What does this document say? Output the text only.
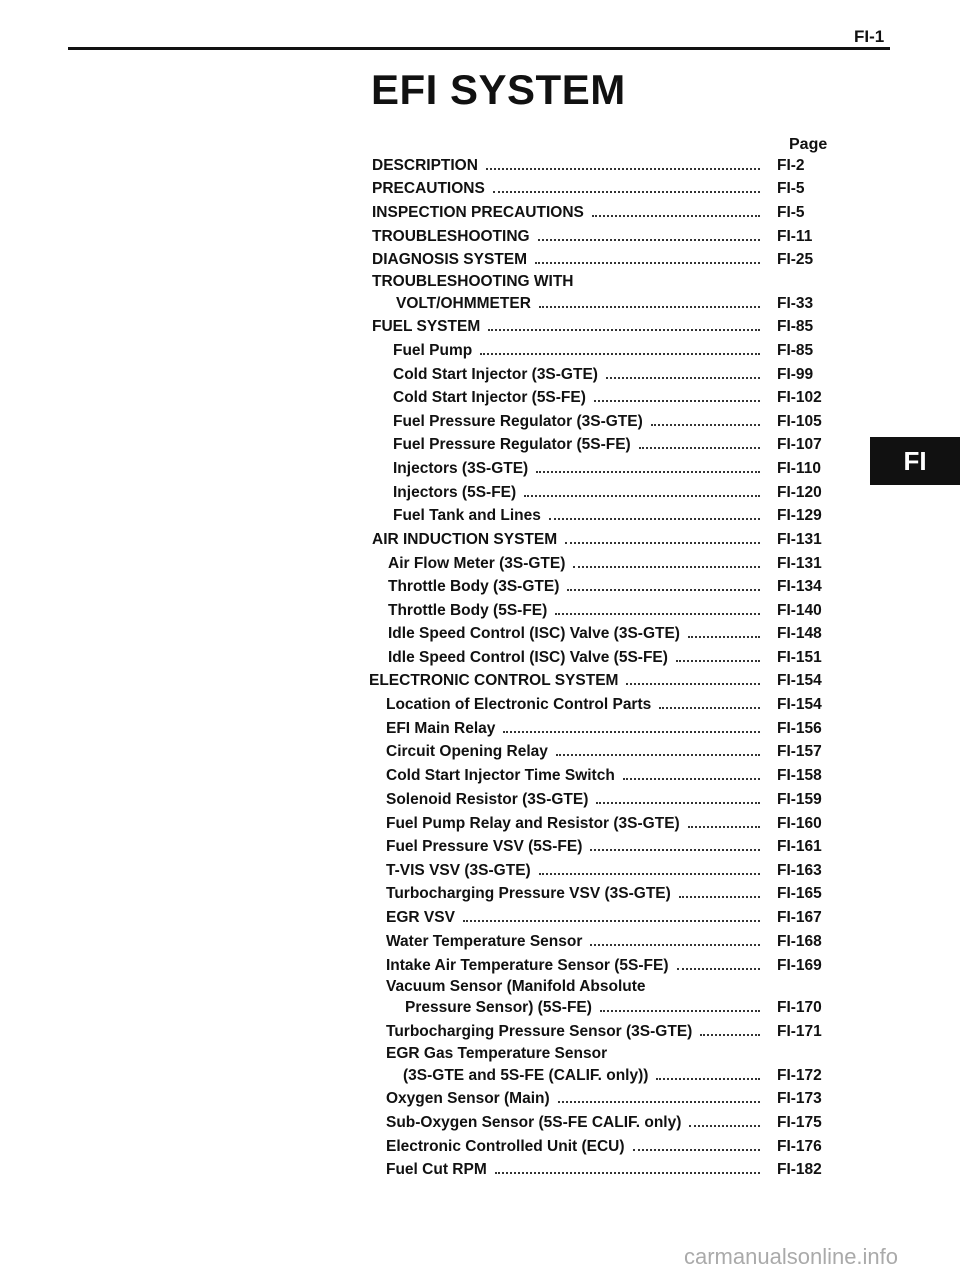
FI-1
EFI SYSTEM
Page
DESCRIPTION	FI-2
PRECAUTIONS	FI-5
INSPECTION PRECAUTIONS	FI-5
TROUBLESHOOTING	FI-11
DIAGNOSIS SYSTEM	FI-25
TROUBLESHOOTING WITH
VOLT/OHMMETER	FI-33
FUEL SYSTEM	FI-85
Fuel Pump	FI-85
Cold Start Injector (3S-GTE)	FI-99
Cold Start Injector (5S-FE)	FI-102
Fuel Pressure Regulator (3S-GTE)	FI-105
Fuel Pressure Regulator (5S-FE)	FI-107
Injectors (3S-GTE)	FI-110
Injectors (5S-FE)	FI-120
Fuel Tank and Lines	FI-129
AIR INDUCTION SYSTEM	FI-131
Air Flow Meter (3S-GTE)	FI-131
Throttle Body (3S-GTE)	FI-134
Throttle Body (5S-FE)	FI-140
Idle Speed Control (ISC) Valve (3S-GTE)	FI-148
Idle Speed Control (ISC) Valve (5S-FE)	FI-151
ELECTRONIC CONTROL SYSTEM	FI-154
Location of Electronic Control Parts	FI-154
EFI Main Relay	FI-156
Circuit Opening Relay	FI-157
Cold Start Injector Time Switch	FI-158
Solenoid Resistor (3S-GTE)	FI-159
Fuel Pump Relay and Resistor (3S-GTE)	FI-160
Fuel Pressure VSV (5S-FE)	FI-161
T-VIS VSV (3S-GTE)	FI-163
Turbocharging Pressure VSV (3S-GTE)	FI-165
EGR VSV	FI-167
Water Temperature Sensor	FI-168
Intake Air Temperature Sensor (5S-FE)	FI-169
Vacuum Sensor (Manifold Absolute
Pressure Sensor) (5S-FE)	FI-170
Turbocharging Pressure Sensor (3S-GTE)	FI-171
EGR Gas Temperature Sensor
(3S-GTE and 5S-FE (CALIF. only))	FI-172
Oxygen Sensor (Main)	FI-173
Sub-Oxygen Sensor (5S-FE CALIF. only)	FI-175
Electronic Controlled Unit (ECU)	FI-176
Fuel Cut RPM	FI-182
FI
carmanualsonline.info
